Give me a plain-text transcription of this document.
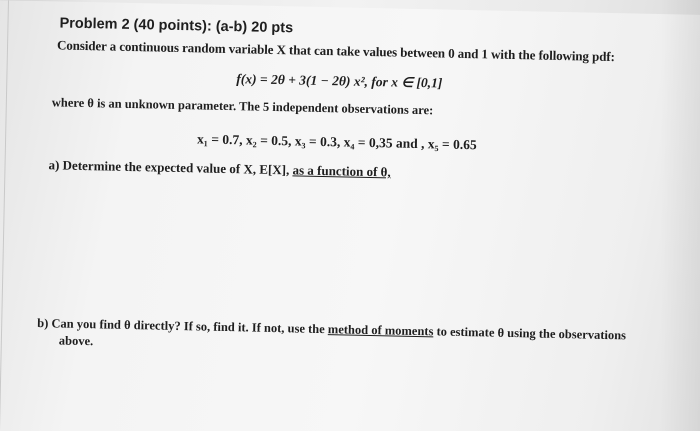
Problem 2 (40 points): (a-b) 20 pts
Consider a continuous random variable X that can take values between 0 and 1 with the following pdf:
f(x) = 2θ + 3(1 − 2θ) x², for x ∈ [0,1]
where θ is an unknown parameter. The 5 independent observations are:
x₁ = 0.7, x₂ = 0.5, x₃ = 0.3, x₄ = 0,35 and , x₅ = 0.65
a) Determine the expected value of X, E[X], as a function of θ,
b) Can you find θ directly? If so, find it. If not, use the method of moments to estimate θ using the observations
above.
